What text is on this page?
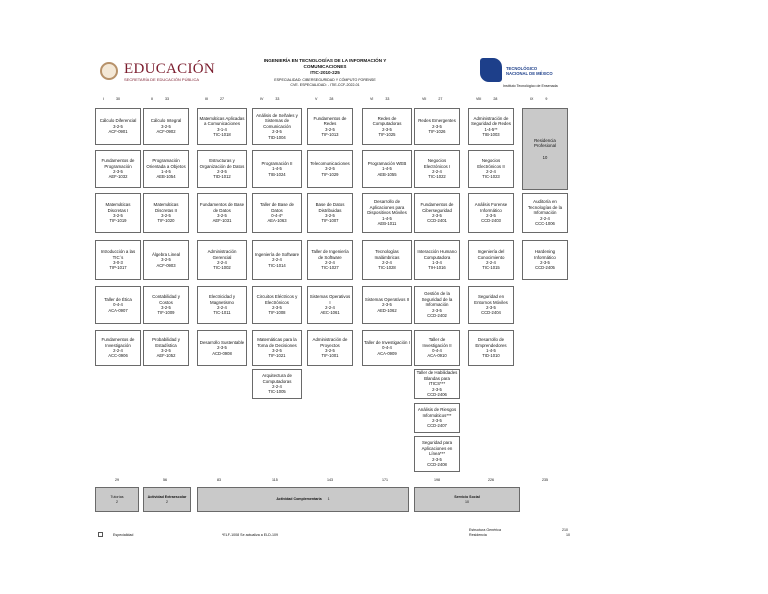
EDUCACIÓN
SECRETARÍA DE EDUCACIÓN PÚBLICA
TECNOLÓGICO
NACIONAL DE MÉXICO
INGENIERÍA EN TECNOLOGÍAS DE LA INFORMACIÓN Y
COMUNICACIONES
ITIC-2010-225
ESPECIALIDAD: CIBERSEGURIDAD Y CÓMPUTO FORENSE
CVE. ESPECIALIDAD: - ITIE-CCF-2022-01	Instituto Tecnológico de Ensenada
I	30	II	33	III	27	IV	33	V	28	VI	33	VII	27	VIII	28	IX	9
Cálculo Diferencial
3-2-5
ACF-0901
Fundamentos de Programación
2-3-5
AEF-1032
Matemáticas Discretas I
3-2-5
TIF-1019
Introducción a las TIC´s
3-0-3
TIP-1017
Taller de Ética
0-4-4
ACA-0907
Fundamentos de Investigación
2-2-4
ACC-0906
Cálculo Integral
3-2-5
ACF-0902
Programación Orientada a Objetos
1-4-5
AEB-1054
Matemáticas Discretas II
3-2-5
TIF-1020
Álgebra Lineal
3-2-5
ACF-0903
Contabilidad y Costos
3-2-5
TIF-1009
Probabilidad y Estadística
3-2-5
AEF-1052
Matemáticas Aplicadas a Comunicaciones
3-1-4
TIC-1018
Estructuras y Organización de Datos
2-3-5
TID-1012
Fundamentos de Base de Datos
3-2-5
AEF-1031
Administración Gerencial
2-2-4
TIC-1002
Electricidad y Magnetismo
2-2-4
TIC-1011
Desarrollo Sustentable
2-3-5
ACD-0908
Análisis de Señales y Sistemas de Comunicación
2-3-5
TID-1004
Programación II
1-4-5
TIB-1024
Taller de Base de Datos
0-4-4*
AEA-1063
Ingeniería de Software
2-2-4
TIC-1014
Circuitos Eléctricos y Electrónicos
2-3-5
TIF-1008
Matemáticas para la Toma de Decisiones
3-2-5
TIF-1021
Arquitectura de Computadoras
2-2-4
TIC-1005
Fundamentos de Redes
3-2-5
TIF-1013
Telecomunicaciones
3-2-5
TIF-1029
Base de Datos Distribuidas
3-2-5
TIF-1007
Taller de Ingeniería de Software
2-2-4
TIC-1027
Sistemas Operativos I
2-2-4
AEC-1061
Administración de Proyectos
3-2-5
TIF-1001
Redes de Computadoras
2-3-5
TIF-1025
Programación WEB
1-4-5
AEB-1055
Desarrollo de Aplicaciones para Dispositivos Móviles
1-4-5
AEB-1011
Tecnologías Inalámbricas
2-2-4
TIC-1028
Sistemas Operativos II
2-3-5
AED-1062
Taller de Investigación I
0-4-4
ACA-0909
Redes Emergentes
2-3-5
TIF-1026
Negocios Electrónicos I
2-2-4
TIC-1022
Fundamentos de Ciberseguridad
2-3-5
CCD-2401
Interacción Humano Computadora
1-3-4
TIH-1016
Gestión de la Seguridad de la Información
2-3-5
CCD-2402
Taller de Investigación II
0-4-4
ACA-0910
Taller de Habilidades Blandas para ITICS***
2-3-5
CCD-2406
Análisis de Riesgos Informáticos***
2-3-5
CCD-2407
Seguridad para Aplicaciones en Línea***
2-3-5
CCD-2408
Administración de Seguridad de Redes
1-4-5**
TIB-1003
Negocios Electrónicos II
2-2-4
TIC-1023
Análisis Forense Informático
2-3-5
CCD-2403
Ingeniería del Conocimiento
2-2-4
TIC-1015
Seguridad en Entornos Móviles
2-3-5
CCD-2404
Desarrollo de Emprendedores
1-4-5
TID-1010
Residencia Profesional
10
Auditoría en Tecnologías de la Información
2-2-4
CCC-1006
Hardening Informático
2-3-5
CCD-2405
29	56	83	115	143	171	198	226	235
Tutorías
2
Actividad Extraescolar
2
Actividad Complementaria 1
Servicio Social
10
Especialidad	*ELF-1008 Se actualiza a ELD-109
Estructura Genérica	210
Residencia	10
